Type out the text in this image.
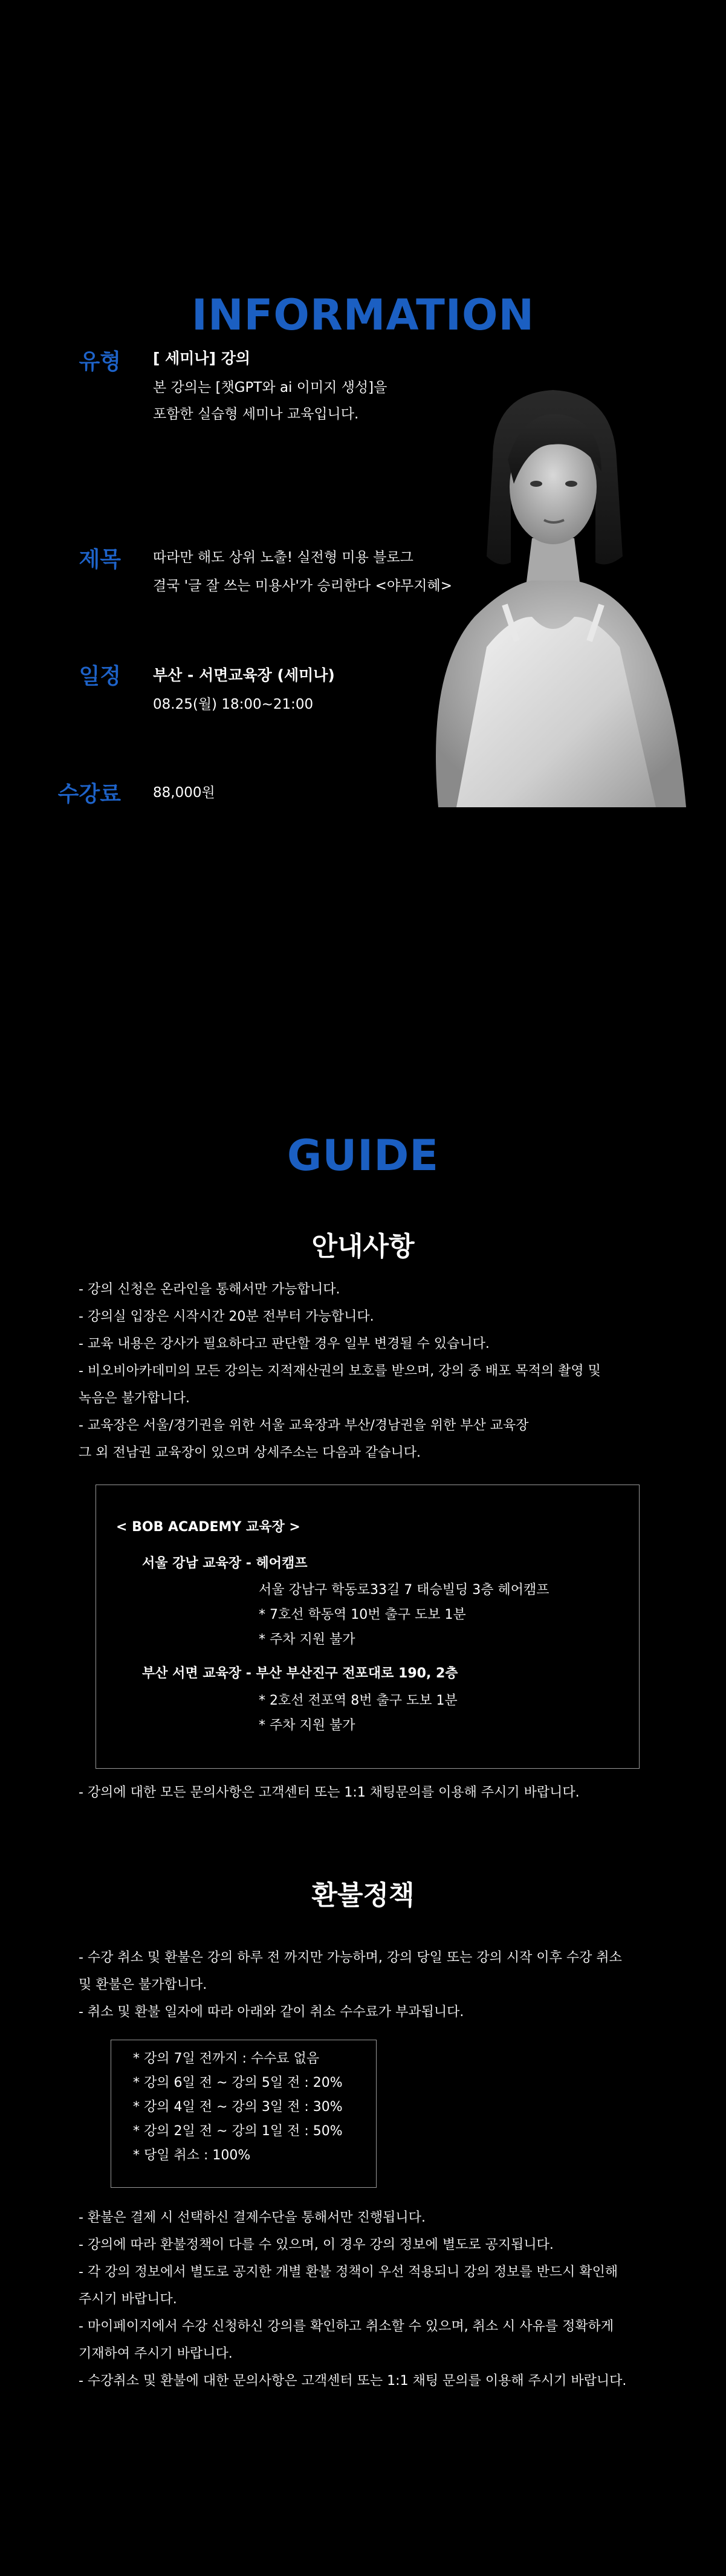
INFORMATION
유형 [ 세미나] 강의
본 강의는 [챗GPT와 ai 이미지 생성]을
포함한 실습형 세미나 교육입니다.
제목 따라만 해도 상위 노출! 실전형 미용 블로그
결국 '글 잘 쓰는 미용사'가 승리한다 <야무지혜>
일정 부산 - 서면교육장 (세미나)
08.25(월) 18:00~21:00
수강료 88,000원
GUIDE
안내사항
- 강의 신청은 온라인을 통해서만 가능합니다.
- 강의실 입장은 시작시간 20분 전부터 가능합니다.
- 교육 내용은 강사가 필요하다고 판단할 경우 일부 변경될 수 있습니다.
- 비오비아카데미의 모든 강의는 지적재산권의 보호를 받으며, 강의 중 배포 목적의 촬영 및
녹음은 불가합니다.
- 교육장은 서울/경기권을 위한 서울 교육장과 부산/경남권을 위한 부산 교육장
그 외 전남권 교육장이 있으며 상세주소는 다음과 같습니다.
< BOB ACADEMY 교육장 >
서울 강남 교육장 - 헤어캠프
서울 강남구 학동로33길 7 태승빌딩 3층 헤어캠프
* 7호선 학동역 10번 출구 도보 1분
* 주차 지원 불가
부산 서면 교육장 - 부산 부산진구 전포대로 190, 2층
* 2호선 전포역 8번 출구 도보 1분
* 주차 지원 불가
- 강의에 대한 모든 문의사항은 고객센터 또는 1:1 채팅문의를 이용해 주시기 바랍니다.
환불정책
- 수강 취소 및 환불은 강의 하루 전 까지만 가능하며, 강의 당일 또는 강의 시작 이후 수강 취소
및 환불은 불가합니다.
- 취소 및 환불 일자에 따라 아래와 같이 취소 수수료가 부과됩니다.
* 강의 7일 전까지 : 수수료 없음
* 강의 6일 전 ~ 강의 5일 전 : 20%
* 강의 4일 전 ~ 강의 3일 전 : 30%
* 강의 2일 전 ~ 강의 1일 전 : 50%
* 당일 취소 : 100%
- 환불은 결제 시 선택하신 결제수단을 통해서만 진행됩니다.
- 강의에 따라 환불정책이 다를 수 있으며, 이 경우 강의 정보에 별도로 공지됩니다.
- 각 강의 정보에서 별도로 공지한 개별 환불 정책이 우선 적용되니 강의 정보를 반드시 확인해
주시기 바랍니다.
- 마이페이지에서 수강 신청하신 강의를 확인하고 취소할 수 있으며, 취소 시 사유를 정확하게
기재하여 주시기 바랍니다.
- 수강취소 및 환불에 대한 문의사항은 고객센터 또는 1:1 채팅 문의를 이용해 주시기 바랍니다.
